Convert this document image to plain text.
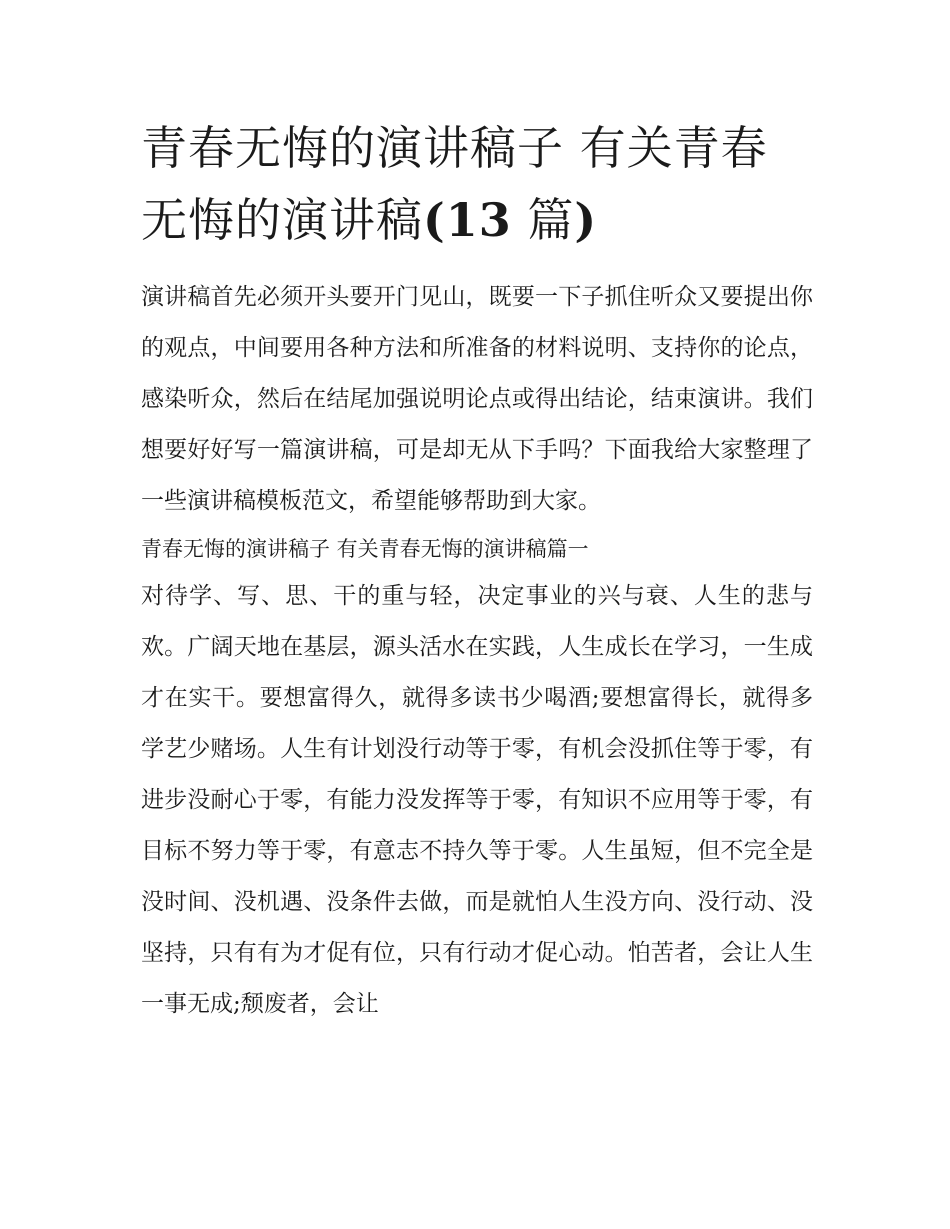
青春无悔的演讲稿子 有关青春
无悔的演讲稿(13 篇)

演讲稿首先必须开头要开门见山，既要一下子抓住听众又要提出你的观点，中间要用各种方法和所准备的材料说明、支持你的论点，感染听众，然后在结尾加强说明论点或得出结论，结束演讲。我们想要好好写一篇演讲稿，可是却无从下手吗？下面我给大家整理了一些演讲稿模板范文，希望能够帮助到大家。

青春无悔的演讲稿子 有关青春无悔的演讲稿篇一

对待学、写、思、干的重与轻，决定事业的兴与衰、人生的悲与欢。广阔天地在基层，源头活水在实践，人生成长在学习，一生成才在实干。要想富得久，就得多读书少喝酒;要想富得长，就得多学艺少赌场。人生有计划没行动等于零，有机会没抓住等于零，有进步没耐心于零，有能力没发挥等于零，有知识不应用等于零，有目标不努力等于零，有意志不持久等于零。人生虽短，但不完全是没时间、没机遇、没条件去做，而是就怕人生没方向、没行动、没坚持，只有有为才促有位，只有行动才促心动。怕苦者，会让人生一事无成;颓废者，会让
